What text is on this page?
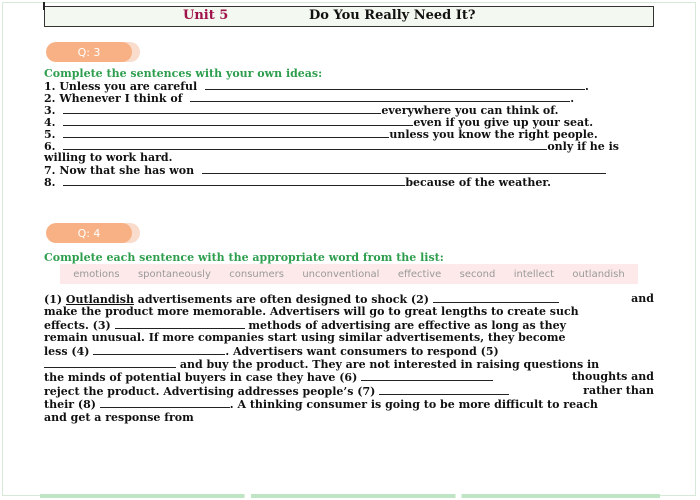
Unit 5	Do You Really Need It?
Q: 3
Complete the sentences with your own ideas:
1. Unless you are careful	.
2. Whenever I think of	.
3.	everywhere you can think of.
4.	even if you give up your seat.
5.	unless you know the right people.
6.	only if he is
willing to work hard.
7. Now that she has won
8.	because of the weather.
Q: 4
Complete each sentence with the appropriate word from the list:
emotions spontaneously consumers unconventional effective second intellect outlandish
(1) Outlandish advertisements are often designed to shock (2)	and
make the product more memorable. Advertisers will go to great lengths to create such
effects. (3)	methods of advertising are effective as long as they
remain unusual. If more companies start using similar advertisements, they become
less (4)	. Advertisers want consumers to respond (5)
and buy the product. They are not interested in raising questions in
the minds of potential buyers in case they have (6)	thoughts and
reject the product. Advertising addresses people’s (7)	rather than
their (8)	. A thinking consumer is going to be more difficult to reach
and get a response from
